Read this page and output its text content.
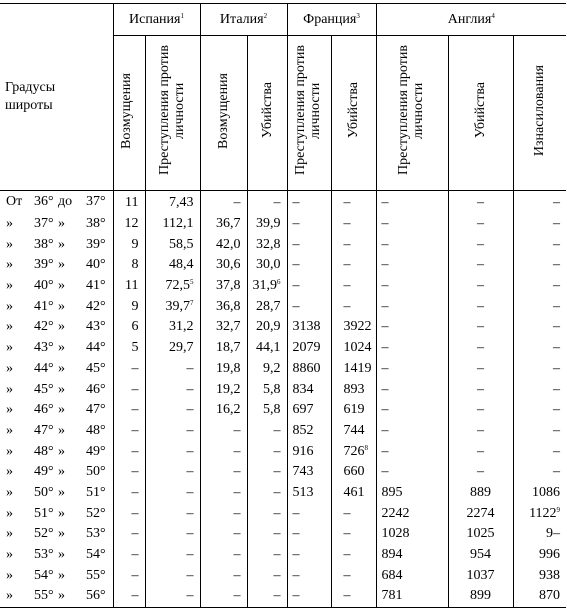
Градусы широты	Испания$^1$		Италия$^2$		Франция$^3$		Англия$^4$
	Возмущения	Преступления против личности	Возмущения	Убийства	Преступления против личности	Убийства	Преступления против личности	Убийства	Изнасилования

От 36° до 37°	11	7,43	–	–	–	–	–	–	–

» 37° » 38°	12	112,1	36,7	39,9	–	–	–	–	–

» 38° » 39°	9	58,5	42,0	32,8	–	–	–	–	–

» 39° » 40°	8	48,4	30,6	30,0	–	–	–	–	–

» 40° » 41°	11	72,5$^5$	37,8	31,9$^6$	–	–	–	–	–

» 41° » 42°	9	39,7$^7$	36,8	28,7	–	–	–	–	–

» 42° » 43°	6	31,2	32,7	20,9	3138	3922	–	–	–

» 43° » 44°	5	29,7	18,7	44,1	2079	1024	–	–	–

» 44° » 45°	–	–	19,8	9,2	8860	1419	–	–	–

» 45° » 46°	–	–	19,2	5,8	834	893	–	–	–

» 46° » 47°	–	–	16,2	5,8	697	619	–	–	–

» 47° » 48°	–	–	–	–	852	744	–	–	–

» 48° » 49°	–	–	–	–	916	$726^8$	–	–	–

» 49° » 50°	–	–	–	–	743	660	–	–	–

» 50° » 51°	–	–	–	–	513	461	895	889	1086

» 51° » 52°	–	–	–	–	–	–	2242	2274	1122$^9$

» 52° » 53°	–	–	–	–	–	–	1028	1025	9–

» 53° » 54°	–	–	–	–	–	–	894	954	996

» 54° » 55°	–	–	–	–	–	–	684	1037	938

» 55° » 56°	–	–	–	–	–	–	781	899	870
